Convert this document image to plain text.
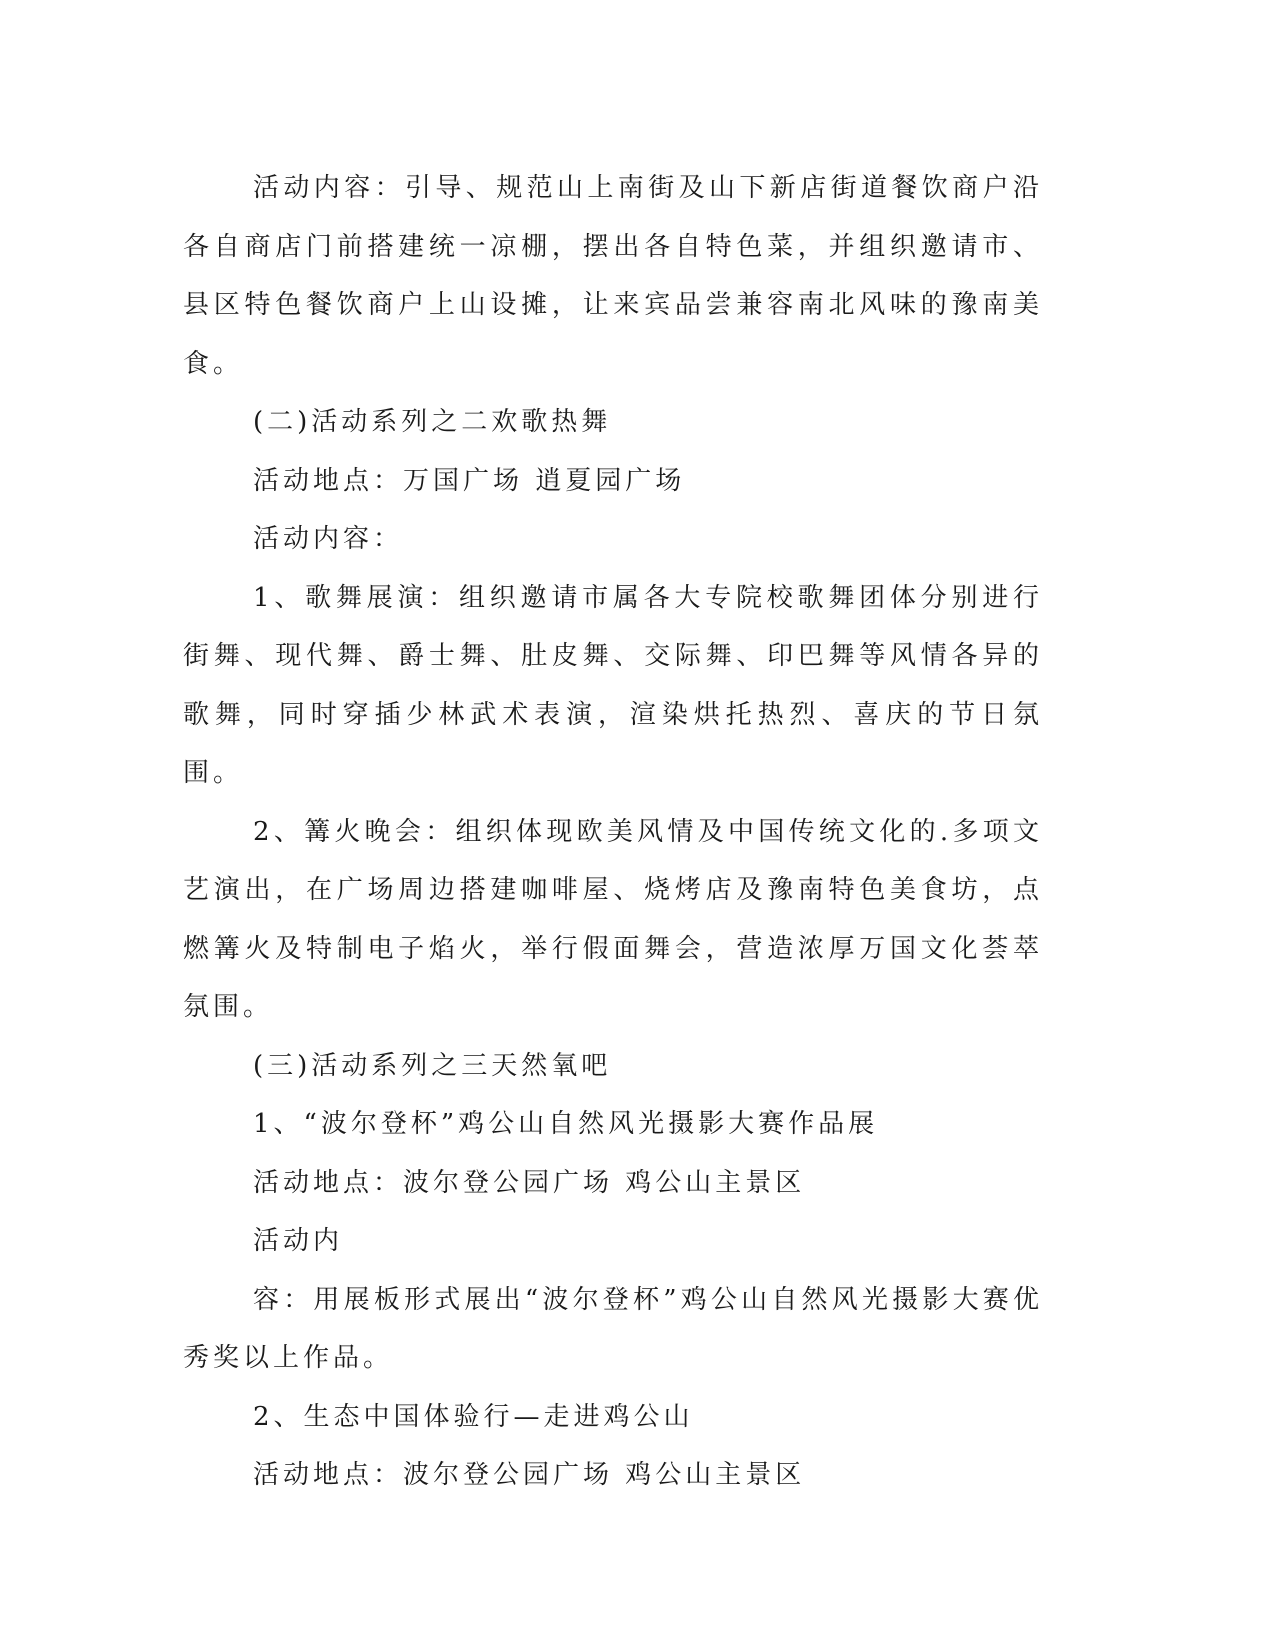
活动内容：引导、规范山上南街及山下新店街道餐饮商户沿各自商店门前搭建统一凉棚，摆出各自特色菜，并组织邀请市、县区特色餐饮商户上山设摊，让来宾品尝兼容南北风味的豫南美食。

(二)活动系列之二欢歌热舞

活动地点：万国广场 逍夏园广场

活动内容：

1、歌舞展演：组织邀请市属各大专院校歌舞团体分别进行街舞、现代舞、爵士舞、肚皮舞、交际舞、印巴舞等风情各异的歌舞，同时穿插少林武术表演，渲染烘托热烈、喜庆的节日氛围。

2、篝火晚会：组织体现欧美风情及中国传统文化的.多项文艺演出，在广场周边搭建咖啡屋、烧烤店及豫南特色美食坊，点燃篝火及特制电子焰火，举行假面舞会，营造浓厚万国文化荟萃氛围。

(三)活动系列之三天然氧吧

1、“波尔登杯”鸡公山自然风光摄影大赛作品展

活动地点：波尔登公园广场 鸡公山主景区

活动内

容：用展板形式展出“波尔登杯”鸡公山自然风光摄影大赛优秀奖以上作品。

2、生态中国体验行—走进鸡公山

活动地点：波尔登公园广场 鸡公山主景区
